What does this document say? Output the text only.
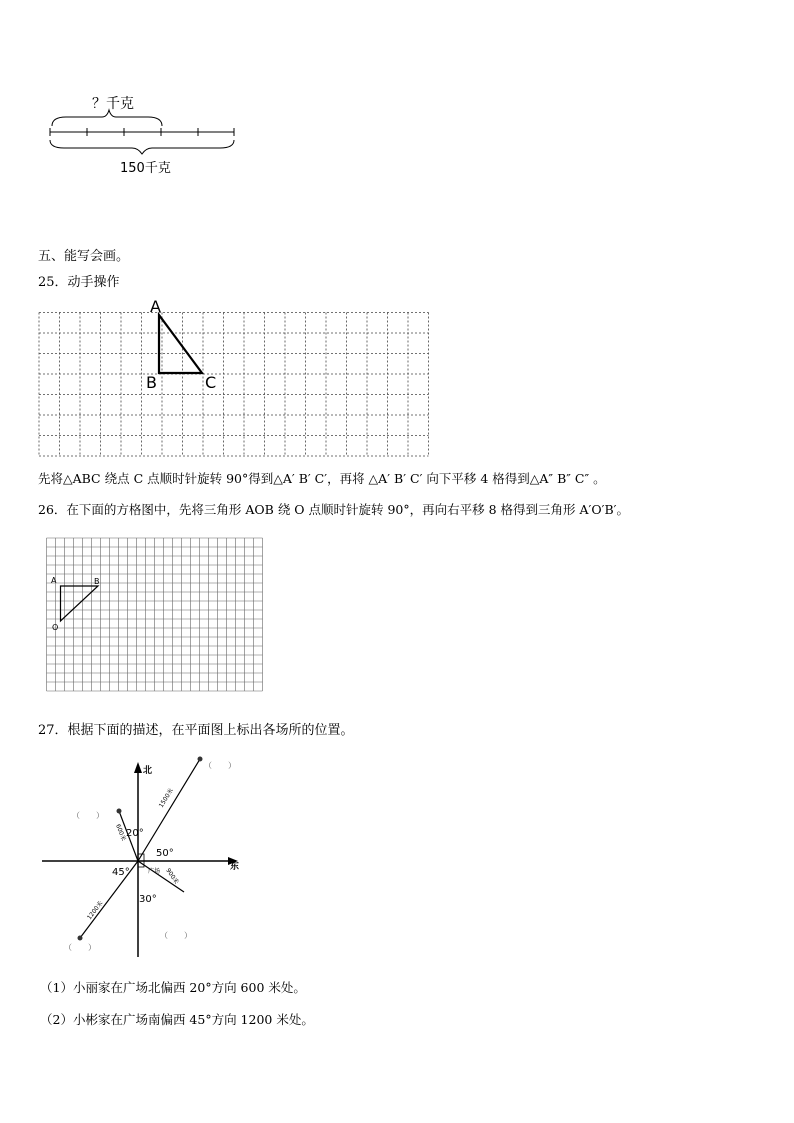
？千克
150千克
五、能写会画。
25．动手操作
A
B	C
先将△ABC 绕点 C 点顺时针旋转 90°得到△A′ B′ C′，再将 △A′ B′ C′ 向下平移 4 格得到△A″ B″ C″ 。
26．在下面的方格图中，先将三角形 AOB 绕 O 点顺时针旋转 90°，再向右平移 8 格得到三角形 A′O′B′。
A	B
O
27．根据下面的描述，在平面图上标出各场所的位置。
北
东
20°
50°
45°
30°
广场
1500米
600米
1200米
900米
（　　）
（　　）
（　　）
（　　）
（1）小丽家在广场北偏西 20°方向 600 米处。
（2）小彬家在广场南偏西 45°方向 1200 米处。
